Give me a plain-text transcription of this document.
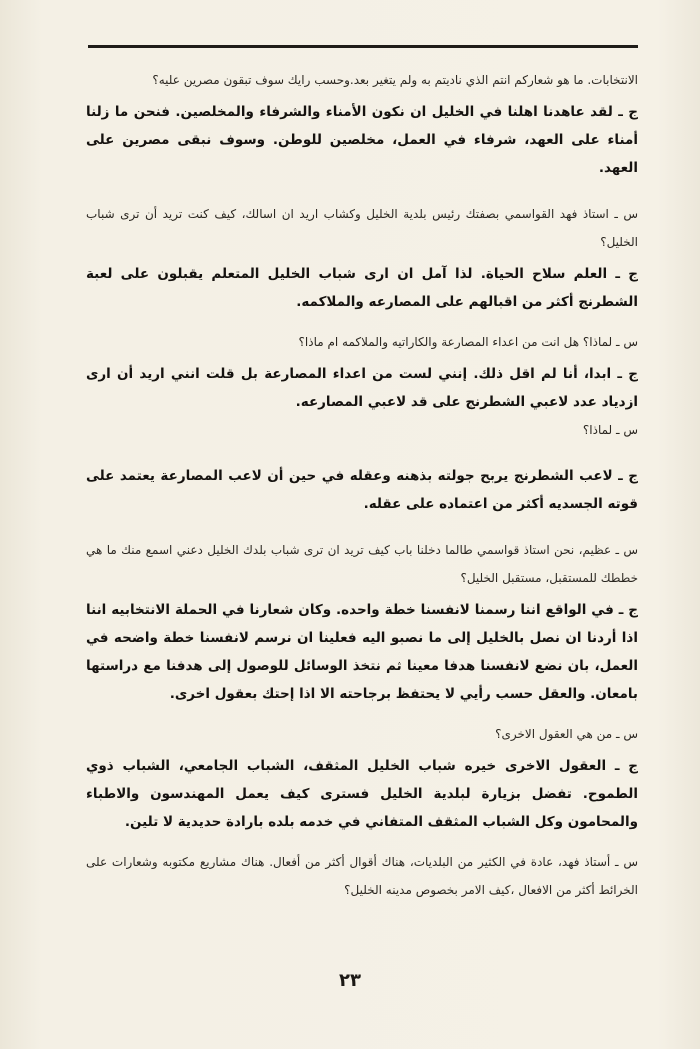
الانتخابات. ما هو شعاركم انتم الذي ناديتم به ولم يتغير بعد.وحسب رايك سوف تبقون مصرين عليه؟

ج ـ لقد عاهدنا اهلنا في الخليل ان نكون الأمناء والشرفاء والمخلصين. فنحن ما زلنا أمناء على العهد، شرفاء في العمل، مخلصين للوطن. وسوف نبقى مصرين على العهد.

س ـ استاذ فهد القواسمي بصفتك رئيس بلدية الخليل وكشاب اريد ان اسالك، كيف كنت تريد أن ترى شباب الخليل؟

ج ـ العلم سلاح الحياة. لذا آمل ان ارى شباب الخليل المتعلم يقبلون على لعبة الشطرنج أكثر من اقبالهم على المصارعه والملاكمه.

س ـ لماذا؟ هل انت من اعداء المصارعة والكاراتيه والملاكمه ام ماذا؟

ج ـ ابدا، أنا لم اقل ذلك. إنني لست من اعداء المصارعة بل قلت انني اريد أن ارى ازدياد عدد لاعبي الشطرنج على قد لاعبي المصارعه.

س ـ لماذا؟

ج ـ لاعب الشطرنج يربح جولته بذهنه وعقله في حين أن لاعب المصارعة يعتمد على قوته الجسديه أكثر من اعتماده على عقله.

س ـ عظيم، نحن استاذ قواسمي طالما دخلنا باب كيف تريد ان ترى شباب بلدك الخليل دعني اسمع منك ما هي خططك للمستقبل، مستقبل الخليل؟

ج ـ في الواقع اننا رسمنا لانفسنا خطة واحده. وكان شعارنا في الحملة الانتخابيه اننا اذا أردنا ان نصل بالخليل إلى ما نصبو اليه فعلينا ان نرسم لانفسنا خطة واضحه في العمل، بان نضع لانفسنا هدفا معينا ثم نتخذ الوسائل للوصول إلى هدفنا مع دراستها بامعان. والعقل حسب رأيي لا يحتفظ برجاحته الا اذا إحتك بعقول اخرى.

س ـ من هي العقول الاخرى؟

ج ـ العقول الاخرى خيره شباب الخليل المثقف، الشباب الجامعي، الشباب ذوي الطموح. تفضل بزيارة لبلدية الخليل فسترى كيف يعمل المهندسون والاطباء والمحامون وكل الشباب المثقف المتفاني في خدمه بلده بارادة حديدية لا تلين.

س ـ أستاذ فهد، عادة في الكثير من البلديات، هناك أقوال أكثر من أفعال. هناك مشاريع مكتوبه وشعارات على الخرائط أكثر من الافعال ،كيف الامر بخصوص مدينه الخليل؟

٢٣
